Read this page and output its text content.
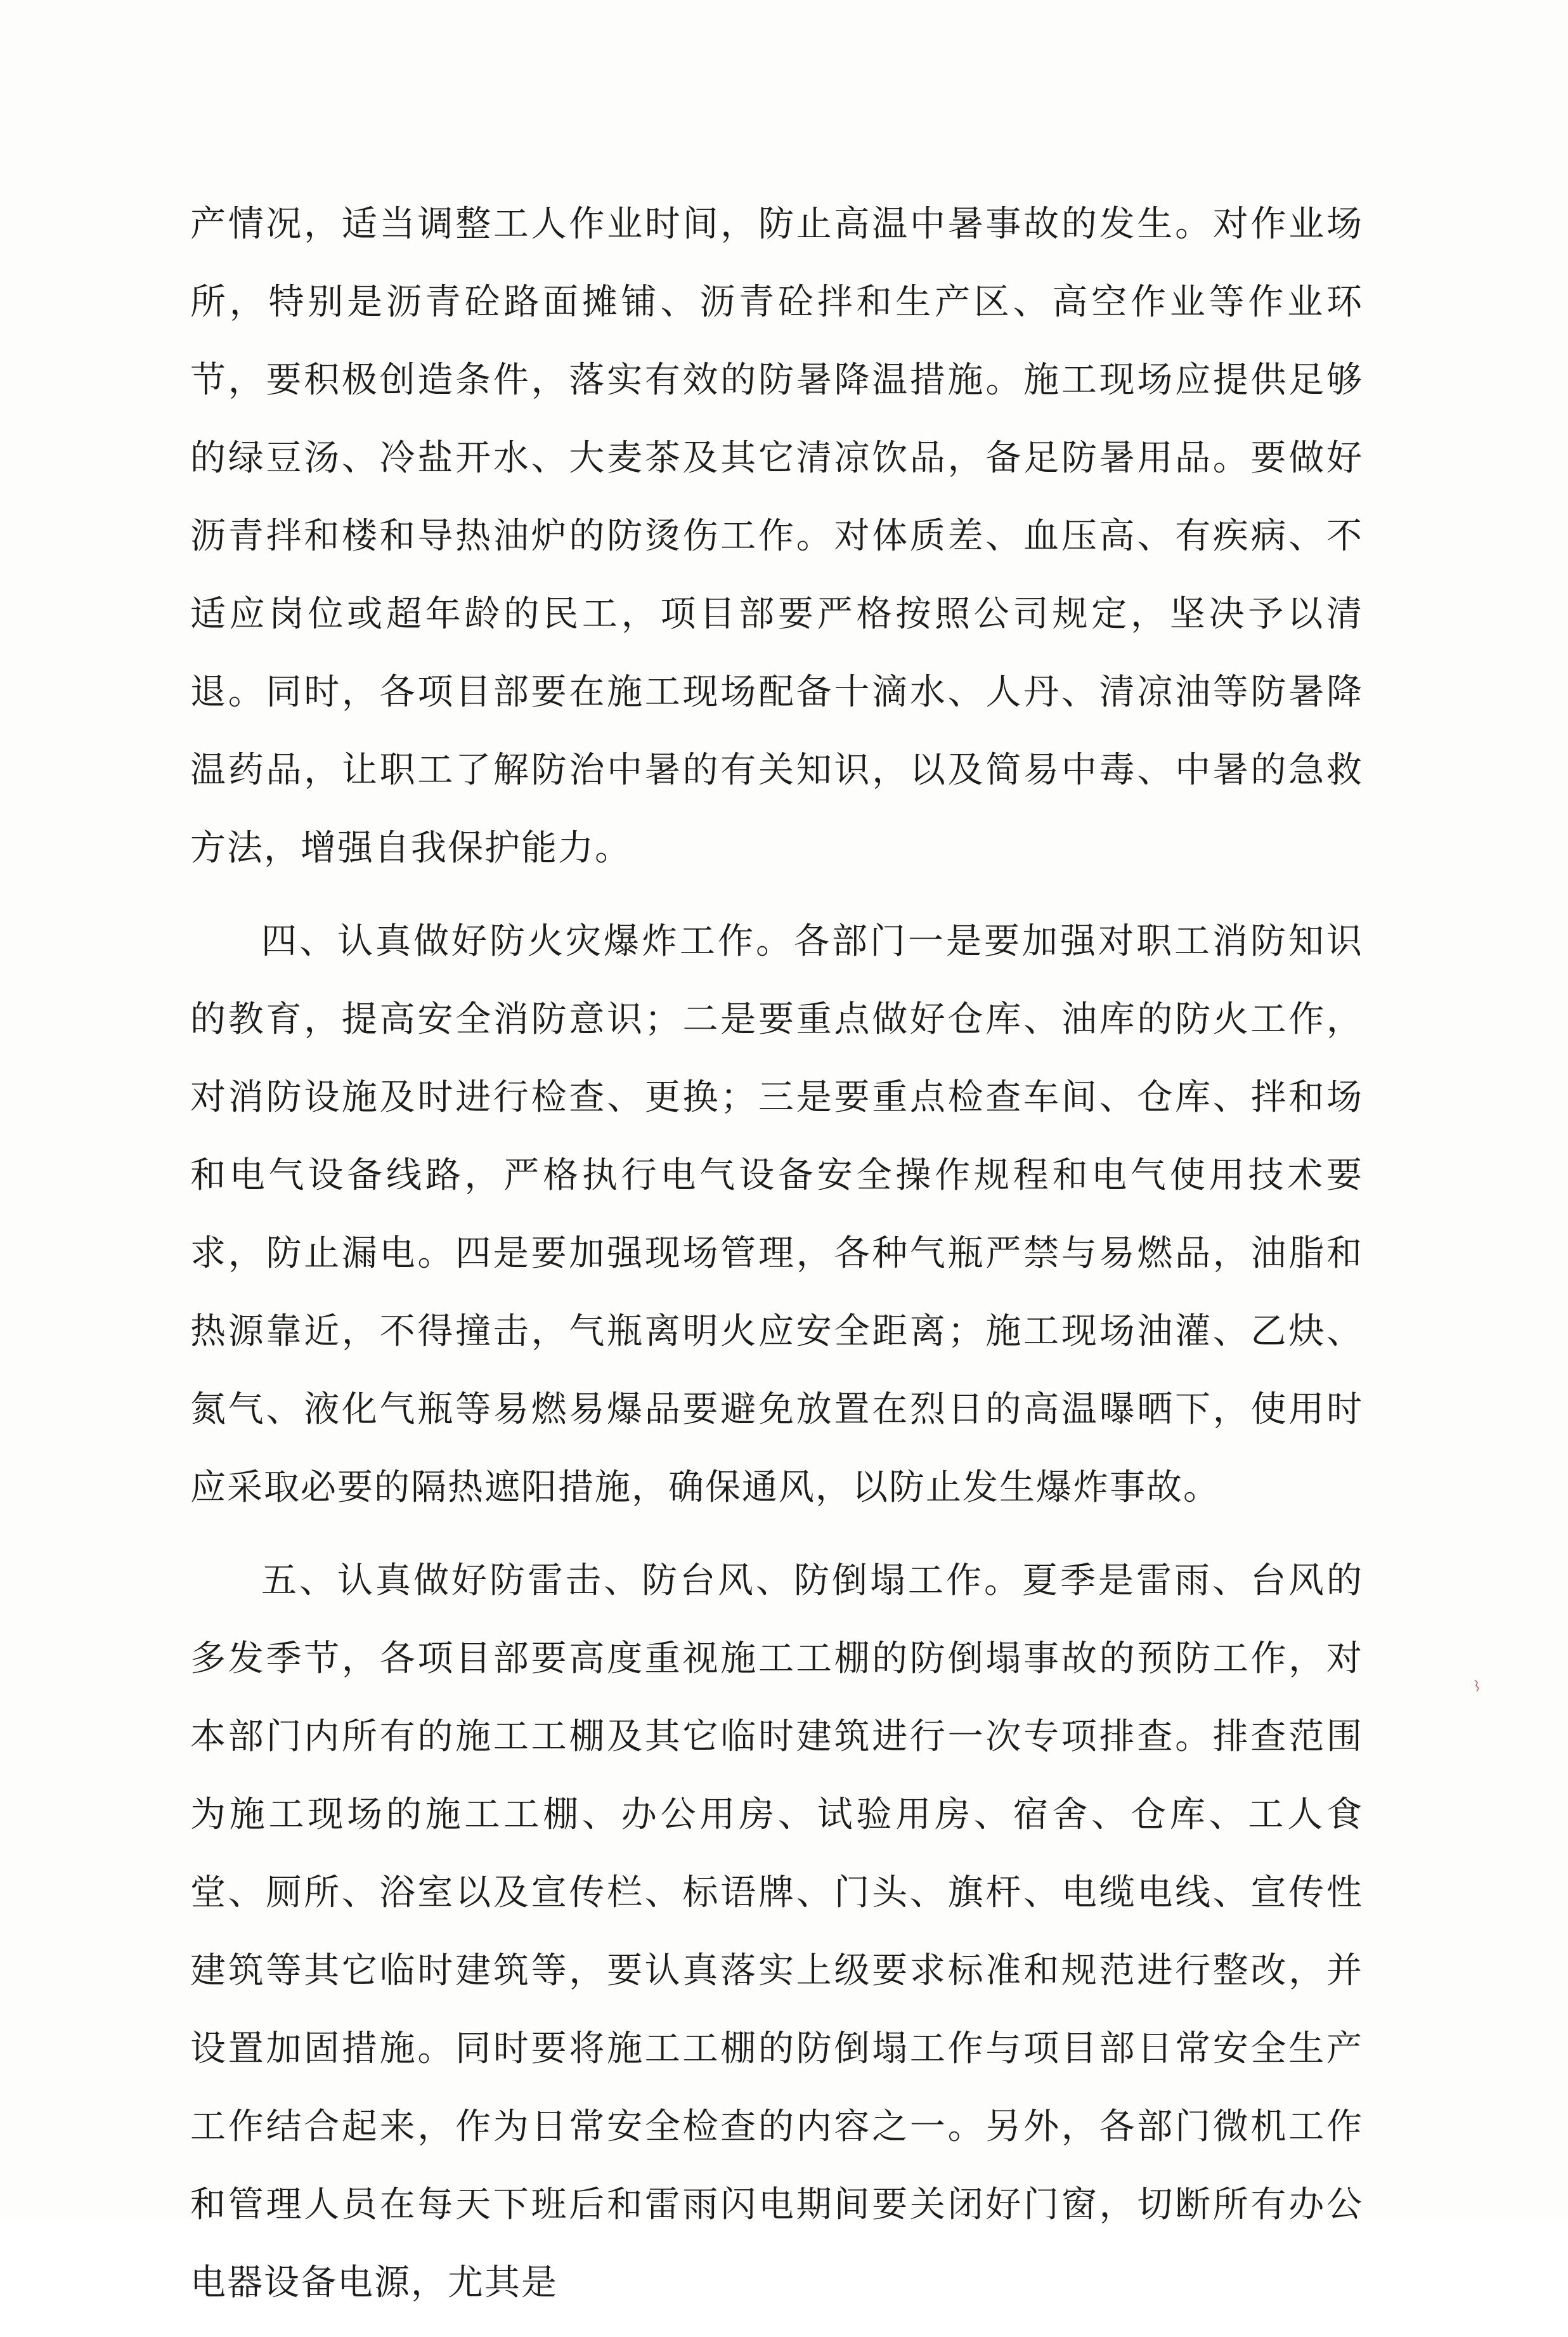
产情况，适当调整工人作业时间，防止高温中暑事故的发生。对作业场所，特别是沥青砼路面摊铺、沥青砼拌和生产区、高空作业等作业环节，要积极创造条件，落实有效的防暑降温措施。施工现场应提供足够的绿豆汤、冷盐开水、大麦茶及其它清凉饮品，备足防暑用品。要做好沥青拌和楼和导热油炉的防烫伤工作。对体质差、血压高、有疾病、不适应岗位或超年龄的民工，项目部要严格按照公司规定，坚决予以清退。同时，各项目部要在施工现场配备十滴水、人丹、清凉油等防暑降温药品，让职工了解防治中暑的有关知识，以及简易中毒、中暑的急救方法，增强自我保护能力。

四、认真做好防火灾爆炸工作。各部门一是要加强对职工消防知识的教育，提高安全消防意识；二是要重点做好仓库、油库的防火工作，对消防设施及时进行检查、更换；三是要重点检查车间、仓库、拌和场和电气设备线路，严格执行电气设备安全操作规程和电气使用技术要求，防止漏电。四是要加强现场管理，各种气瓶严禁与易燃品，油脂和热源靠近，不得撞击，气瓶离明火应安全距离；施工现场油灌、乙炔、氮气、液化气瓶等易燃易爆品要避免放置在烈日的高温曝晒下，使用时应采取必要的隔热遮阳措施，确保通风，以防止发生爆炸事故。

五、认真做好防雷击、防台风、防倒塌工作。夏季是雷雨、台风的多发季节，各项目部要高度重视施工工棚的防倒塌事故的预防工作，对本部门内所有的施工工棚及其它临时建筑进行一次专项排查。排查范围为施工现场的施工工棚、办公用房、试验用房、宿舍、仓库、工人食堂、厕所、浴室以及宣传栏、标语牌、门头、旗杆、电缆电线、宣传性建筑等其它临时建筑等，要认真落实上级要求标准和规范进行整改，并设置加固措施。同时要将施工工棚的防倒塌工作与项目部日常安全生产工作结合起来，作为日常安全检查的内容之一。另外，各部门微机工作和管理人员在每天下班后和雷雨闪电期间要关闭好门窗，切断所有办公电器设备电源，尤其是
